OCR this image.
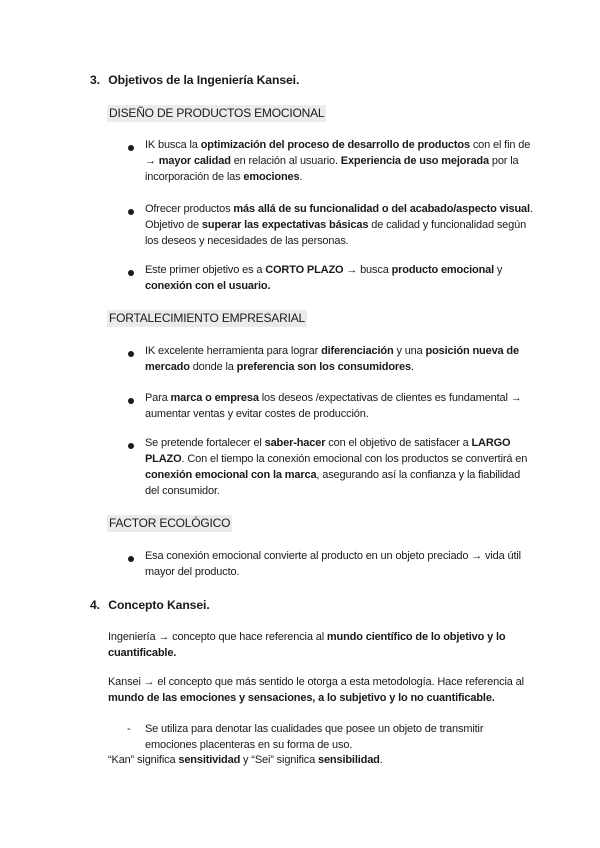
3. Objetivos de la Ingeniería Kansei.
DISEÑO DE PRODUCTOS EMOCIONAL
IK busca la optimización del proceso de desarrollo de productos con el fin de → mayor calidad en relación al usuario. Experiencia de uso mejorada por la incorporación de las emociones.
Ofrecer productos más allá de su funcionalidad o del acabado/aspecto visual. Objetivo de superar las expectativas básicas de calidad y funcionalidad según los deseos y necesidades de las personas.
Este primer objetivo es a CORTO PLAZO → busca producto emocional y conexión con el usuario.
FORTALECIMIENTO EMPRESARIAL
IK excelente herramienta para lograr diferenciación y una posición nueva de mercado donde la preferencia son los consumidores.
Para marca o empresa los deseos /expectativas de clientes es fundamental → aumentar ventas y evitar costes de producción.
Se pretende fortalecer el saber-hacer con el objetivo de satisfacer a LARGO PLAZO. Con el tiempo la conexión emocional con los productos se convertirá en conexión emocional con la marca, asegurando así la confianza y la fiabilidad del consumidor.
FACTOR ECOLÓGICO
Esa conexión emocional convierte al producto en un objeto preciado → vida útil mayor del producto.
4. Concepto Kansei.
Ingeniería → concepto que hace referencia al mundo científico de lo objetivo y lo cuantificable.
Kansei → el concepto que más sentido le otorga a esta metodología. Hace referencia al mundo de las emociones y sensaciones, a lo subjetivo y lo no cuantificable.
- Se utiliza para denotar las cualidades que posee un objeto de transmitir emociones placenteras en su forma de uso.
“Kan” significa sensitividad y “Sei” significa sensibilidad.
